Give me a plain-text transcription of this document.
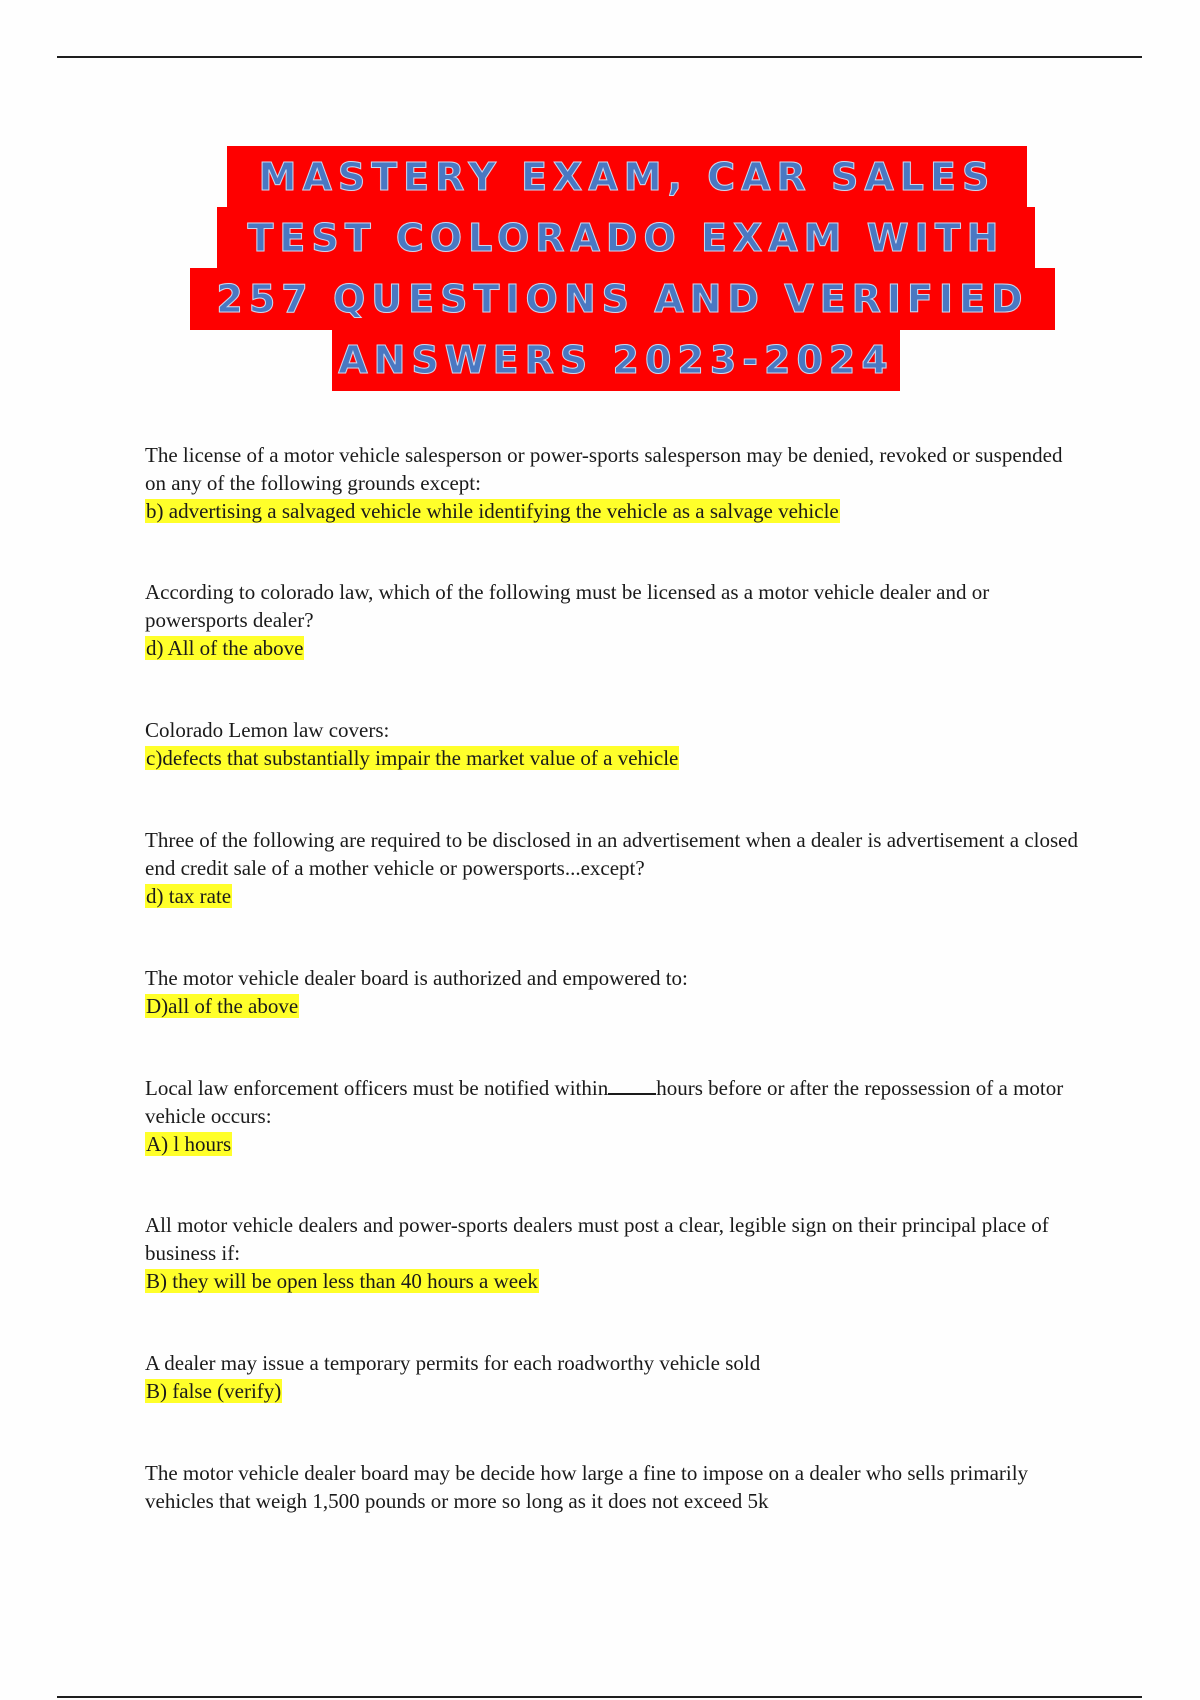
MASTERY EXAM, CAR SALES
TEST COLORADO EXAM WITH
257 QUESTIONS AND VERIFIED
ANSWERS 2023-2024

The license of a motor vehicle salesperson or power-sports salesperson may be denied, revoked or suspended on any of the following grounds except:

b) advertising a salvaged vehicle while identifying the vehicle as a salvage vehicle

According to colorado law, which of the following must be licensed as a motor vehicle dealer and or powersports dealer?

d) All of the above

Colorado Lemon law covers:

c)defects that substantially impair the market value of a vehicle

Three of the following are required to be disclosed in an advertisement when a dealer is advertisement a closed end credit sale of a mother vehicle or powersports...except?

d) tax rate

The motor vehicle dealer board is authorized and empowered to:

D)all of the above

Local law enforcement officers must be notified within hours before or after the repossession of a motor vehicle occurs:

A) l hours

All motor vehicle dealers and power-sports dealers must post a clear, legible sign on their principal place of business if:

B) they will be open less than 40 hours a week

A dealer may issue a temporary permits for each roadworthy vehicle sold

B) false (verify)

The motor vehicle dealer board may be decide how large a fine to impose on a dealer who sells primarily vehicles that weigh 1,500 pounds or more so long as it does not exceed 5k
